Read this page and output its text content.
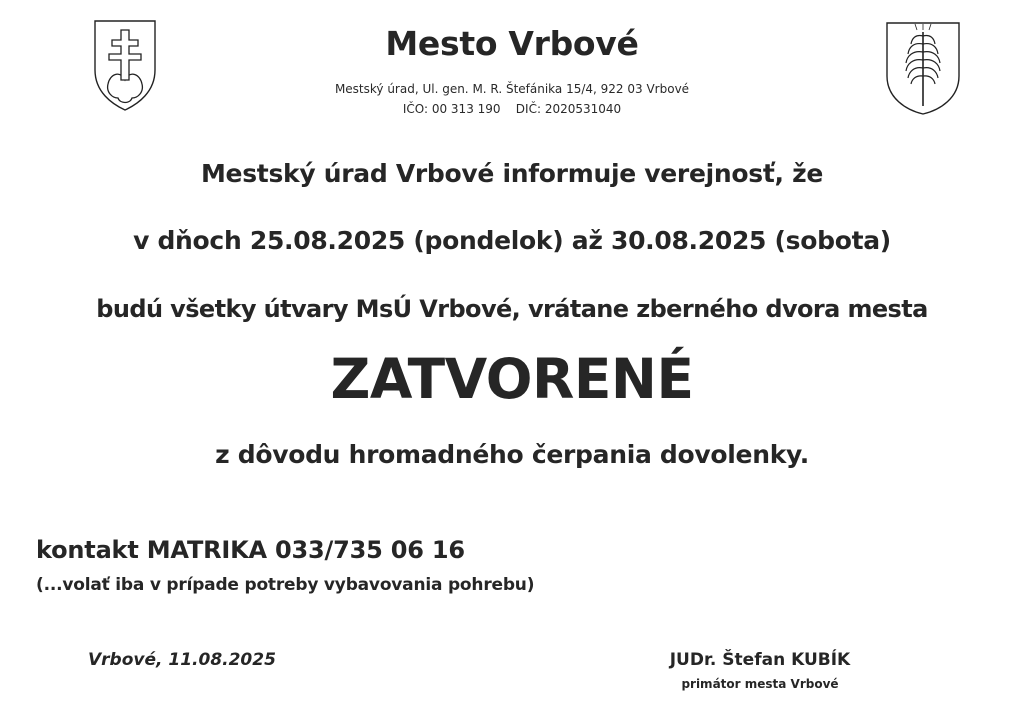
Mesto Vrbové
Mestský úrad, Ul. gen. M. R. Štefánika 15/4, 922 03 Vrbové
IČO: 00 313 190    DIČ: 2020531040
Mestský úrad Vrbové informuje verejnosť, že
v dňoch 25.08.2025 (pondelok) až 30.08.2025 (sobota)
budú všetky útvary MsÚ Vrbové, vrátane zberného dvora mesta
ZATVORENÉ
z dôvodu hromadného čerpania dovolenky.
kontakt MATRIKA 033/735 06 16
(...volať iba v prípade potreby vybavovania pohrebu)
Vrbové, 11.08.2025	JUDr. Štefan KUBÍK
primátor mesta Vrbové
